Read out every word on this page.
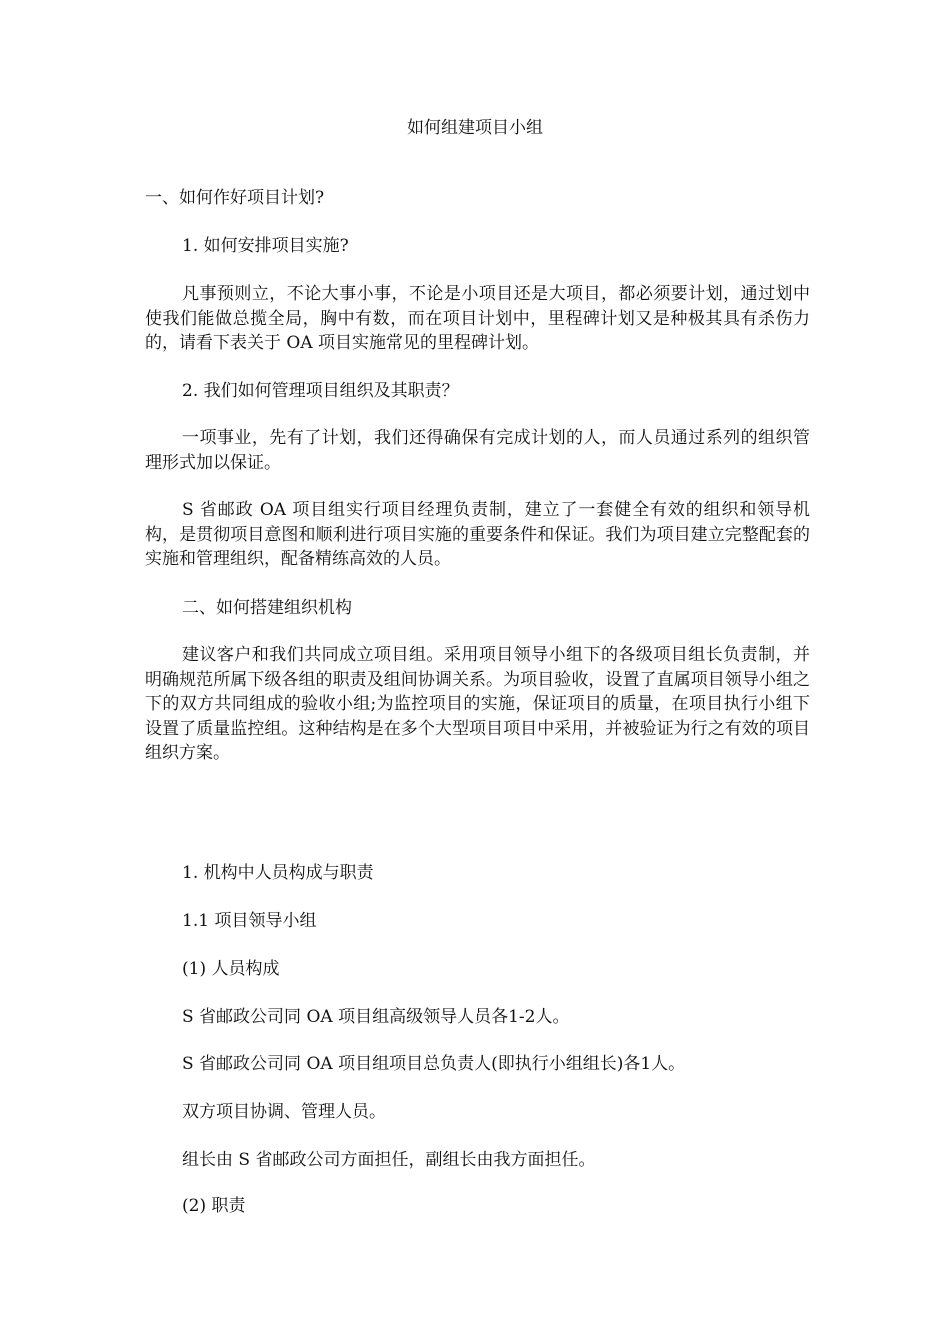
如何组建项目小组
一、如何作好项目计划?
1. 如何安排项目实施?
凡事预则立，不论大事小事，不论是小项目还是大项目，都必须要计划，通过划中使我们能做总揽全局，胸中有数，而在项目计划中，里程碑计划又是种极其具有杀伤力的，请看下表关于 OA 项目实施常见的里程碑计划。
2. 我们如何管理项目组织及其职责？
一项事业，先有了计划，我们还得确保有完成计划的人，而人员通过系列的组织管理形式加以保证。
S 省邮政 OA 项目组实行项目经理负责制，建立了一套健全有效的组织和领导机构，是贯彻项目意图和顺利进行项目实施的重要条件和保证。我们为项目建立完整配套的实施和管理组织，配备精练高效的人员。
二、如何搭建组织机构
建议客户和我们共同成立项目组。采用项目领导小组下的各级项目组长负责制，并明确规范所属下级各组的职责及组间协调关系。为项目验收，设置了直属项目领导小组之下的双方共同组成的验收小组;为监控项目的实施，保证项目的质量，在项目执行小组下设置了质量监控组。这种结构是在多个大型项目项目中采用，并被验证为行之有效的项目组织方案。
1. 机构中人员构成与职责
1.1 项目领导小组
(1) 人员构成
S 省邮政公司同 OA 项目组高级领导人员各1-2人。
S 省邮政公司同 OA 项目组项目总负责人(即执行小组组长)各1人。
双方项目协调、管理人员。
组长由 S 省邮政公司方面担任，副组长由我方面担任。
(2) 职责
